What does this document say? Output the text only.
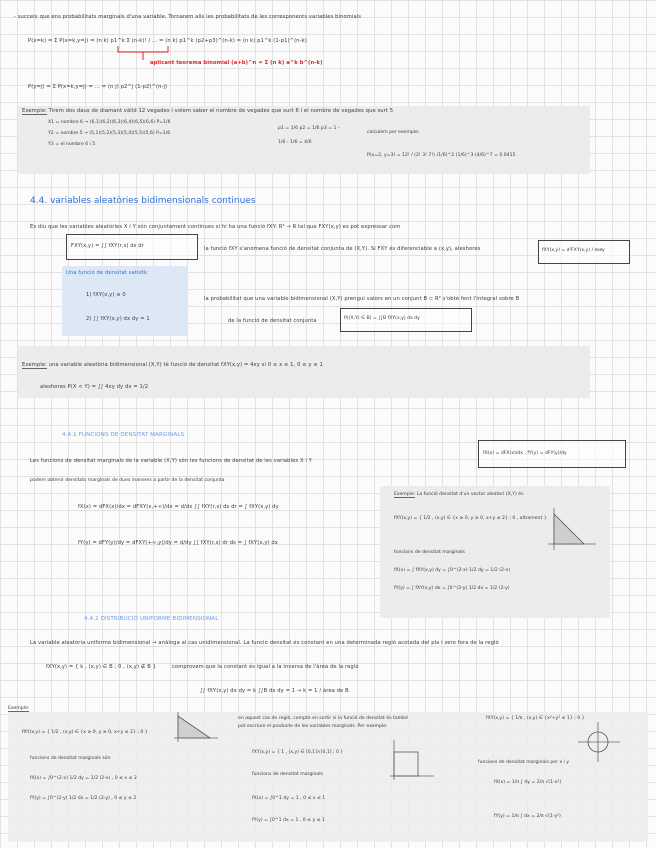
- succeix que ens probabilitats marginals d'una variable. Tornarem alls les probabilitats de les corresponents variables binomials
P(x=k) = Σ P(x=k,y=j) = (n k) p1^k Σ (n-k)! / ... = (n k) p1^k (p2+p3)^(n-k) = (n k) p1^k (1-p1)^(n-k)
aplicant teorema binomial (a+b)^n = Σ (n k) a^k b^(n-k)
P(y=j) = Σ P(x=k,y=j) = ... = (n j) p2^j (1-p2)^(n-j)
Exemple: Tirem dos daus de diamant vàlid 12 vegades i volem saber el nombre de vegades que surt 6 i el nombre de vegades que surt 5
X1 = nombre 6 → (6,1)(6,2)(6,3)(6,4)(6,5)(6,6) P=1/6
Y2 = nombre 5 → (5,1)(5,2)(5,3)(5,4)(5,5)(5,6) P=1/6
Y3 = el nombre 6 i 5
p1 = 1/6 p2 = 1/6 p3 = 1 - 1/6 - 1/6 = 4/6
calculem per exemple:
P(x=2, y=3) = 12! / (2! 3! 7!) (1/6)^2 (1/6)^3 (4/6)^7 = 0.0415
4.4. variables aleatòries bidimensionals continues
Es diu que les variables aleatòries X i Y són conjuntament continues si hi ha una funció fXY: R² → R tal que FXY(x,y) es pot expressar com
FXY(x,y) = ∫∫ fXY(r,s) ds dr	la funció fXY s'anomena funció de densitat conjunta de (X,Y). Si FXY és diferenciable a (x,y), aleshores	fXY(x,y) = ∂²FXY(x,y) / ∂x∂y
Una funció de densitat satisfà:
1) fXY(x,y) ≥ 0
2) ∫∫ fXY(x,y) dx dy = 1
la probabilitat que una variable bidimensional (X,Y) prengui valors en un conjunt B ⊂ R² s'obté fent l'integral sobre B
de la funció de densitat conjunta	P((X,Y) ∈ B) = ∫∫B fXY(x,y) dx dy
Exemple: una variable aleatòria bidimensional (X,Y) té funció de densitat fXY(x,y) = 4xy si 0 ≤ x ≤ 1, 0 ≤ y ≤ 1
aleshores P(X < Y) = ∫∫ 4xy dy dx = 1/2
4.4.1 FUNCIONS DE DENSITAT MARGINALS
Les funcions de densitat marginals de la variable (X,Y) són les funcions de densitat de les variables X i Y
fX(x) = dFX(x)/dx , fY(y) = dFY(y)/dy
podem obtenir densitats marginals de dues maneres a partir de la densitat conjunta
fX(x) = dFX(x)/dx = dFXY(x,+∞)/dx = d/dx ∫∫ fXY(r,s) ds dr = ∫ fXY(x,y) dy
fY(y) = dFY(y)/dy = dFXY(+∞,y)/dy = d/dy ∫∫ fXY(r,s) dr ds = ∫ fXY(x,y) dx
Exemple: La funció densitat d'un vector aleatori (X,Y) és
fXY(x,y) = { 1/2 , (x,y) ∈ {x ≥ 0, y ≥ 0, x+y ≤ 2} ; 0 , altrament }
funcions de densitat marginals
fX(x) = ∫ fXY(x,y) dy = ∫0^(2-x) 1/2 dy = 1/2 (2-x)
fY(y) = ∫ fXY(x,y) dx = ∫0^(2-y) 1/2 dx = 1/2 (2-y)
4.4.2 DISTRIBUCIÓ UNIFORME BIDIMENSIONAL
La variable aleatòria uniforme bidimensional → anàloga al cas unidimensional. La funció densitat és constant en una determinada regió acotada del pla i zero fora de la regió
fXY(x,y) = { k , (x,y) ∈ B ; 0 , (x,y) ∉ B }	comprovem que la constant és igual a la inversa de l'àrea de la regió
∫∫ fXY(x,y) dx dy = k ∫∫B dx dy = 1 → k = 1 / àrea de B
Exemple:
fXY(x,y) = { 1/2 , (x,y) ∈ {x ≥ 0, y ≥ 0, x+y ≤ 2} ; 0 }
funcions de densitat marginals són
fX(x) = ∫0^(2-x) 1/2 dy = 1/2 (2-x) , 0 ≤ x ≤ 2
fY(y) = ∫0^(2-y) 1/2 dx = 1/2 (2-y) , 0 ≤ y ≤ 2
en aquest cas de regió, compte en sortir si la funció de densitat és també
pot escriure el producte de les variables marginals. Per exemple:
fXY(x,y) = { 1 , (x,y) ∈ [0,1]×[0,1] ; 0 }
funcions de densitat marginals
fX(x) = ∫0^1 dy = 1 , 0 ≤ x ≤ 1
fY(y) = ∫0^1 dx = 1 , 0 ≤ y ≤ 1
fXY(x,y) = { 1/π , (x,y) ∈ {x²+y² ≤ 1} ; 0 }
funcions de densitat marginals per x i y
fX(x) = 1/π ∫ dy = 2/π √(1-x²)
fY(y) = 1/π ∫ dx = 2/π √(1-y²)
